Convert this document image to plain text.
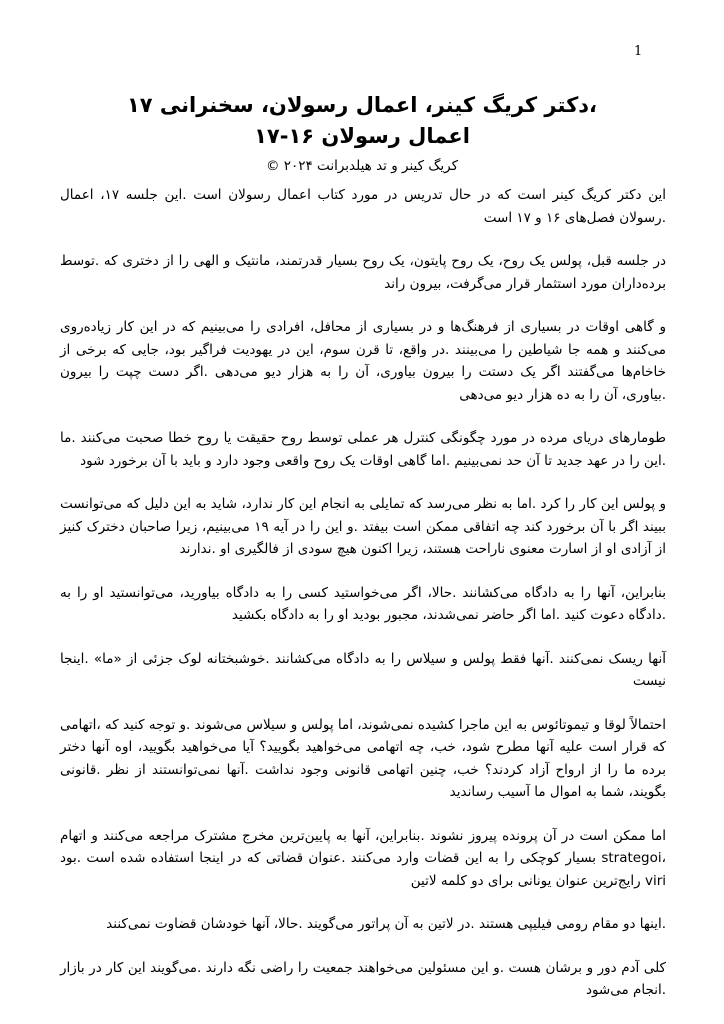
1
،دکتر کریگ کینر، اعمال رسولان، سخنرانی ۱۷
اعمال رسولان ۱۶-۱۷
کریگ کینر و تد هیلدبرانت ۲۰۲۴ ©

این دکتر کریگ کینر است که در حال تدریس در مورد کتاب اعمال رسولان است .این جلسه ۱۷، اعمال .رسولان فصل‌های ۱۶ و ۱۷ است

در جلسه قبل، پولس یک روح، یک روح پایتون، یک روح بسیار قدرتمند، مانتیک و الهی را از دختری که .توسط برده‌داران مورد استثمار قرار می‌گرفت، بیرون راند

و گاهی اوقات در بسیاری از فرهنگ‌ها و در بسیاری از محافل، افرادی را می‌بینیم که در این کار زیاده‌روی می‌کنند و همه جا شیاطین را می‌بینند .در واقع، تا قرن سوم، این در یهودیت فراگیر بود، جایی که برخی از خاخام‌ها می‌گفتند اگر یک دستت را بیرون بیاوری، آن را به هزار دیو می‌دهی .اگر دست چپت را بیرون .بیاوری، آن را به ده هزار دیو می‌دهی

طومارهای دریای مرده در مورد چگونگی کنترل هر عملی توسط روح حقیقت یا روح خطا صحبت می‌کنند .ما .این را در عهد جدید تا آن حد نمی‌بینیم .اما گاهی اوقات یک روح واقعی وجود دارد و باید با آن برخورد شود

و پولس این کار را کرد .اما به نظر می‌رسد که تمایلی به انجام این کار ندارد، شاید به این دلیل که می‌توانست ببیند اگر با آن برخورد کند چه اتفاقی ممکن است بیفتد .و این را در آیه ۱۹ می‌بینیم، زیرا صاحبان دخترک کنیز از آزادی او از اسارت معنوی ناراحت هستند، زیرا اکنون هیچ سودی از فالگیری او .ندارند

بنابراین، آنها را به دادگاه می‌کشانند .حالا، اگر می‌خواستید کسی را به دادگاه بیاورید، می‌توانستید او را به .دادگاه دعوت کنید .اما اگر حاضر نمی‌شدند، مجبور بودید او را به دادگاه بکشید

آنها ریسک نمی‌کنند .آنها فقط پولس و سیلاس را به دادگاه می‌کشانند .خوشبختانه لوک جزئی از «ما» .اینجا نیست

احتمالاً لوقا و تیموتائوس به این ماجرا کشیده نمی‌شوند، اما پولس و سیلاس می‌شوند .و توجه کنید که ،اتهامی که قرار است علیه آنها مطرح شود، خب، چه اتهامی می‌خواهید بگویید؟ آیا می‌خواهید بگویید، اوه آنها دختر برده ما را از ارواح آزاد کردند؟ خب، چنین اتهامی قانونی وجود نداشت .آنها نمی‌توانستند از نظر .قانونی بگویند، شما به اموال ما آسیب رساندید

اما ممکن است در آن پرونده پیروز نشوند .بنابراین، آنها به پایین‌ترین مخرج مشترک مراجعه می‌کنند و اتهام ،strategoi بسیار کوچکی را به این قضات وارد می‌کنند .عنوان قضاتی که در اینجا استفاده شده است .بود viri رایج‌ترین عنوان یونانی برای دو کلمه لاتین

.اینها دو مقام رومی فیلیپی هستند .در لاتین به آن پراتور می‌گویند .حالا، آنها خودشان قضاوت نمی‌کنند

کلی آدم دور و برشان هست .و این مسئولین می‌خواهند جمعیت را راضی نگه دارند .می‌گویند این کار در بازار .انجام می‌شود
